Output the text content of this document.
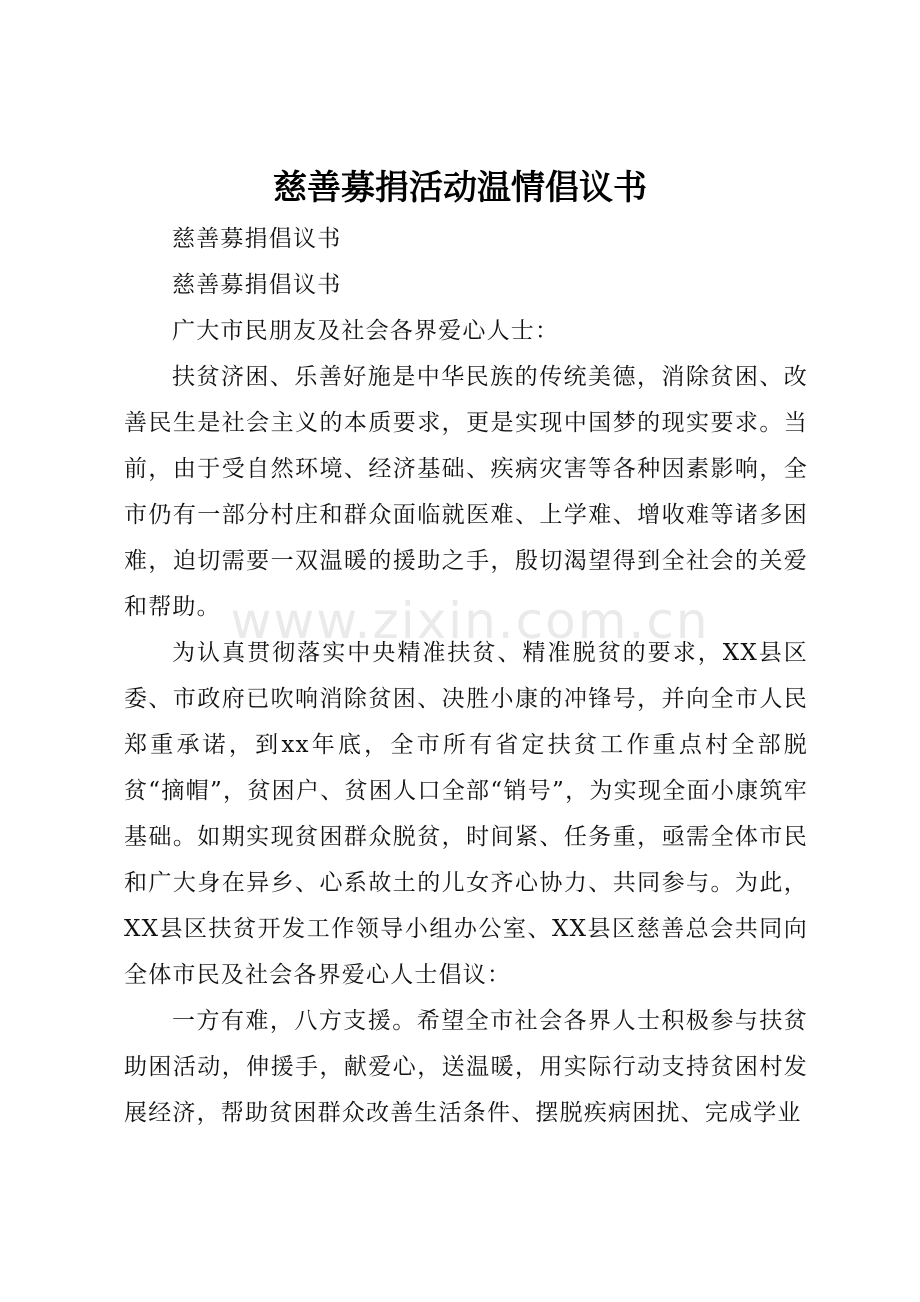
慈善募捐活动温情倡议书

慈善募捐倡议书

慈善募捐倡议书

广大市民朋友及社会各界爱心人士：

扶贫济困、乐善好施是中华民族的传统美德，消除贫困、改善民生是社会主义的本质要求，更是实现中国梦的现实要求。当前，由于受自然环境、经济基础、疾病灾害等各种因素影响，全市仍有一部分村庄和群众面临就医难、上学难、增收难等诸多困难，迫切需要一双温暖的援助之手，殷切渴望得到全社会的关爱和帮助。

为认真贯彻落实中央精准扶贫、精准脱贫的要求，XX县区委、市政府已吹响消除贫困、决胜小康的冲锋号，并向全市人民郑重承诺，到xx年底，全市所有省定扶贫工作重点村全部脱贫“摘帽”，贫困户、贫困人口全部“销号”，为实现全面小康筑牢基础。如期实现贫困群众脱贫，时间紧、任务重，亟需全体市民和广大身在异乡、心系故土的儿女齐心协力、共同参与。为此，XX县区扶贫开发工作领导小组办公室、XX县区慈善总会共同向全体市民及社会各界爱心人士倡议：

一方有难，八方支援。希望全市社会各界人士积极参与扶贫助困活动，伸援手，献爱心，送温暖，用实际行动支持贫困村发展经济，帮助贫困群众改善生活条件、摆脱疾病困扰、完成学业

www.zixin.com.cn
